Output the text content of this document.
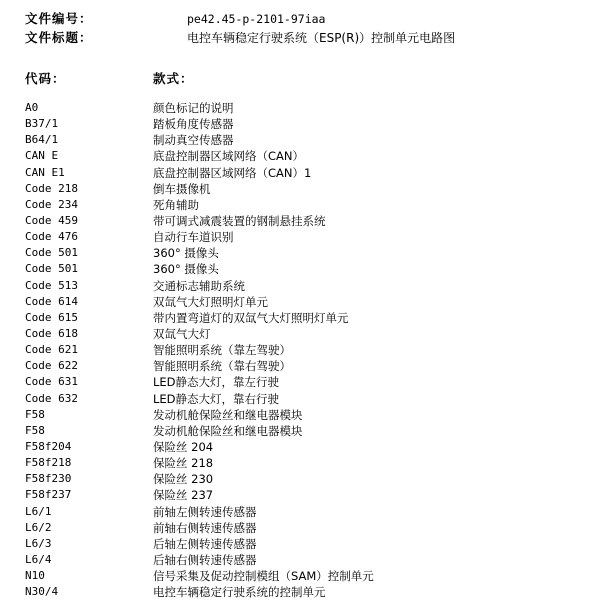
文件编号：	pe42.45-p-2101-97iaa
文件标题：	电控车辆稳定行驶系统（ESP(R)）控制单元电路图
代码：	款式：
A0	颜色标记的说明
B37/1	踏板角度传感器
B64/1	制动真空传感器
CAN E	底盘控制器区域网络（CAN）
CAN E1	底盘控制器区域网络（CAN）1
Code 218	倒车摄像机
Code 234	死角辅助
Code 459	带可调式减震装置的钢制悬挂系统
Code 476	自动行车道识别
Code 501	360° 摄像头
Code 501	360° 摄像头
Code 513	交通标志辅助系统
Code 614	双氙气大灯照明灯单元
Code 615	带内置弯道灯的双氙气大灯照明灯单元
Code 618	双氙气大灯
Code 621	智能照明系统（靠左驾驶）
Code 622	智能照明系统（靠右驾驶）
Code 631	LED静态大灯，靠左行驶
Code 632	LED静态大灯，靠右行驶
F58	发动机舱保险丝和继电器模块
F58	发动机舱保险丝和继电器模块
F58f204	保险丝 204
F58f218	保险丝 218
F58f230	保险丝 230
F58f237	保险丝 237
L6/1	前轴左侧转速传感器
L6/2	前轴右侧转速传感器
L6/3	后轴左侧转速传感器
L6/4	后轴右侧转速传感器
N10	信号采集及促动控制模组（SAM）控制单元
N30/4	电控车辆稳定行驶系统的控制单元
